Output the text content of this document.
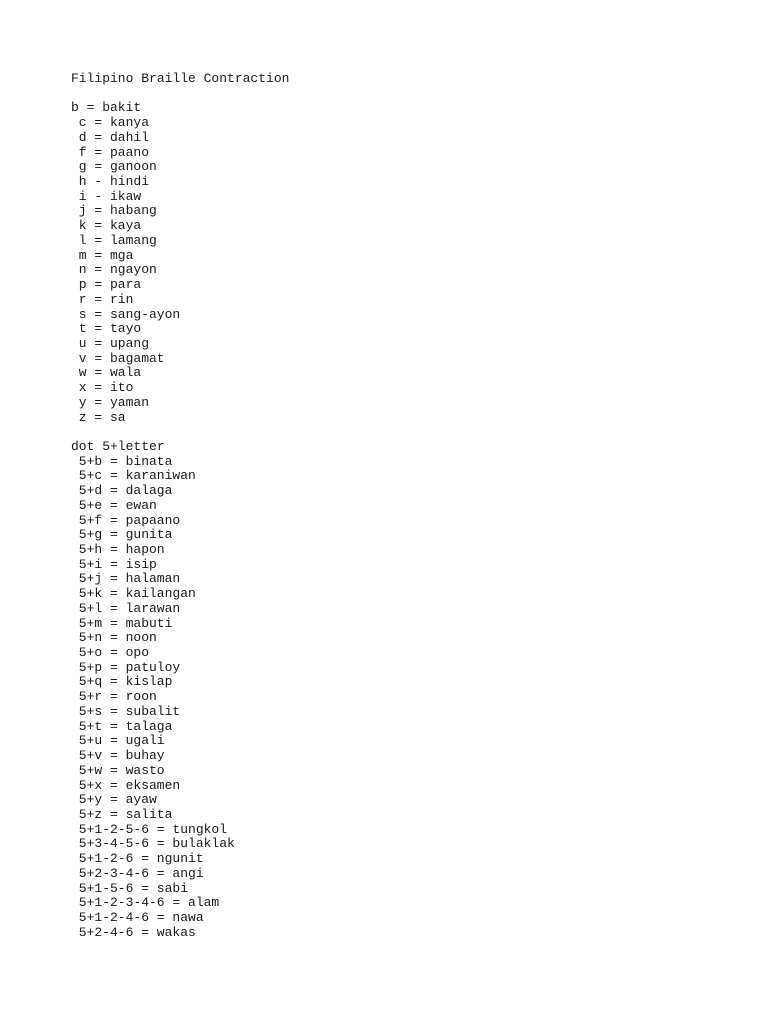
Filipino Braille Contraction
b = bakit
c = kanya
d = dahil
f = paano
g = ganoon
h - hindi
i - ikaw
j = habang
k = kaya
l = lamang
m = mga
n = ngayon
p = para
r = rin
s = sang-ayon
t = tayo
u = upang
v = bagamat
w = wala
x = ito
y = yaman
z = sa
dot 5+letter
5+b = binata
5+c = karaniwan
5+d = dalaga
5+e = ewan
5+f = papaano
5+g = gunita
5+h = hapon
5+i = isip
5+j = halaman
5+k = kailangan
5+l = larawan
5+m = mabuti
5+n = noon
5+o = opo
5+p = patuloy
5+q = kislap
5+r = roon
5+s = subalit
5+t = talaga
5+u = ugali
5+v = buhay
5+w = wasto
5+x = eksamen
5+y = ayaw
5+z = salita
5+1-2-5-6 = tungkol
5+3-4-5-6 = bulaklak
5+1-2-6 = ngunit
5+2-3-4-6 = angi
5+1-5-6 = sabi
5+1-2-3-4-6 = alam
5+1-2-4-6 = nawa
5+2-4-6 = wakas
